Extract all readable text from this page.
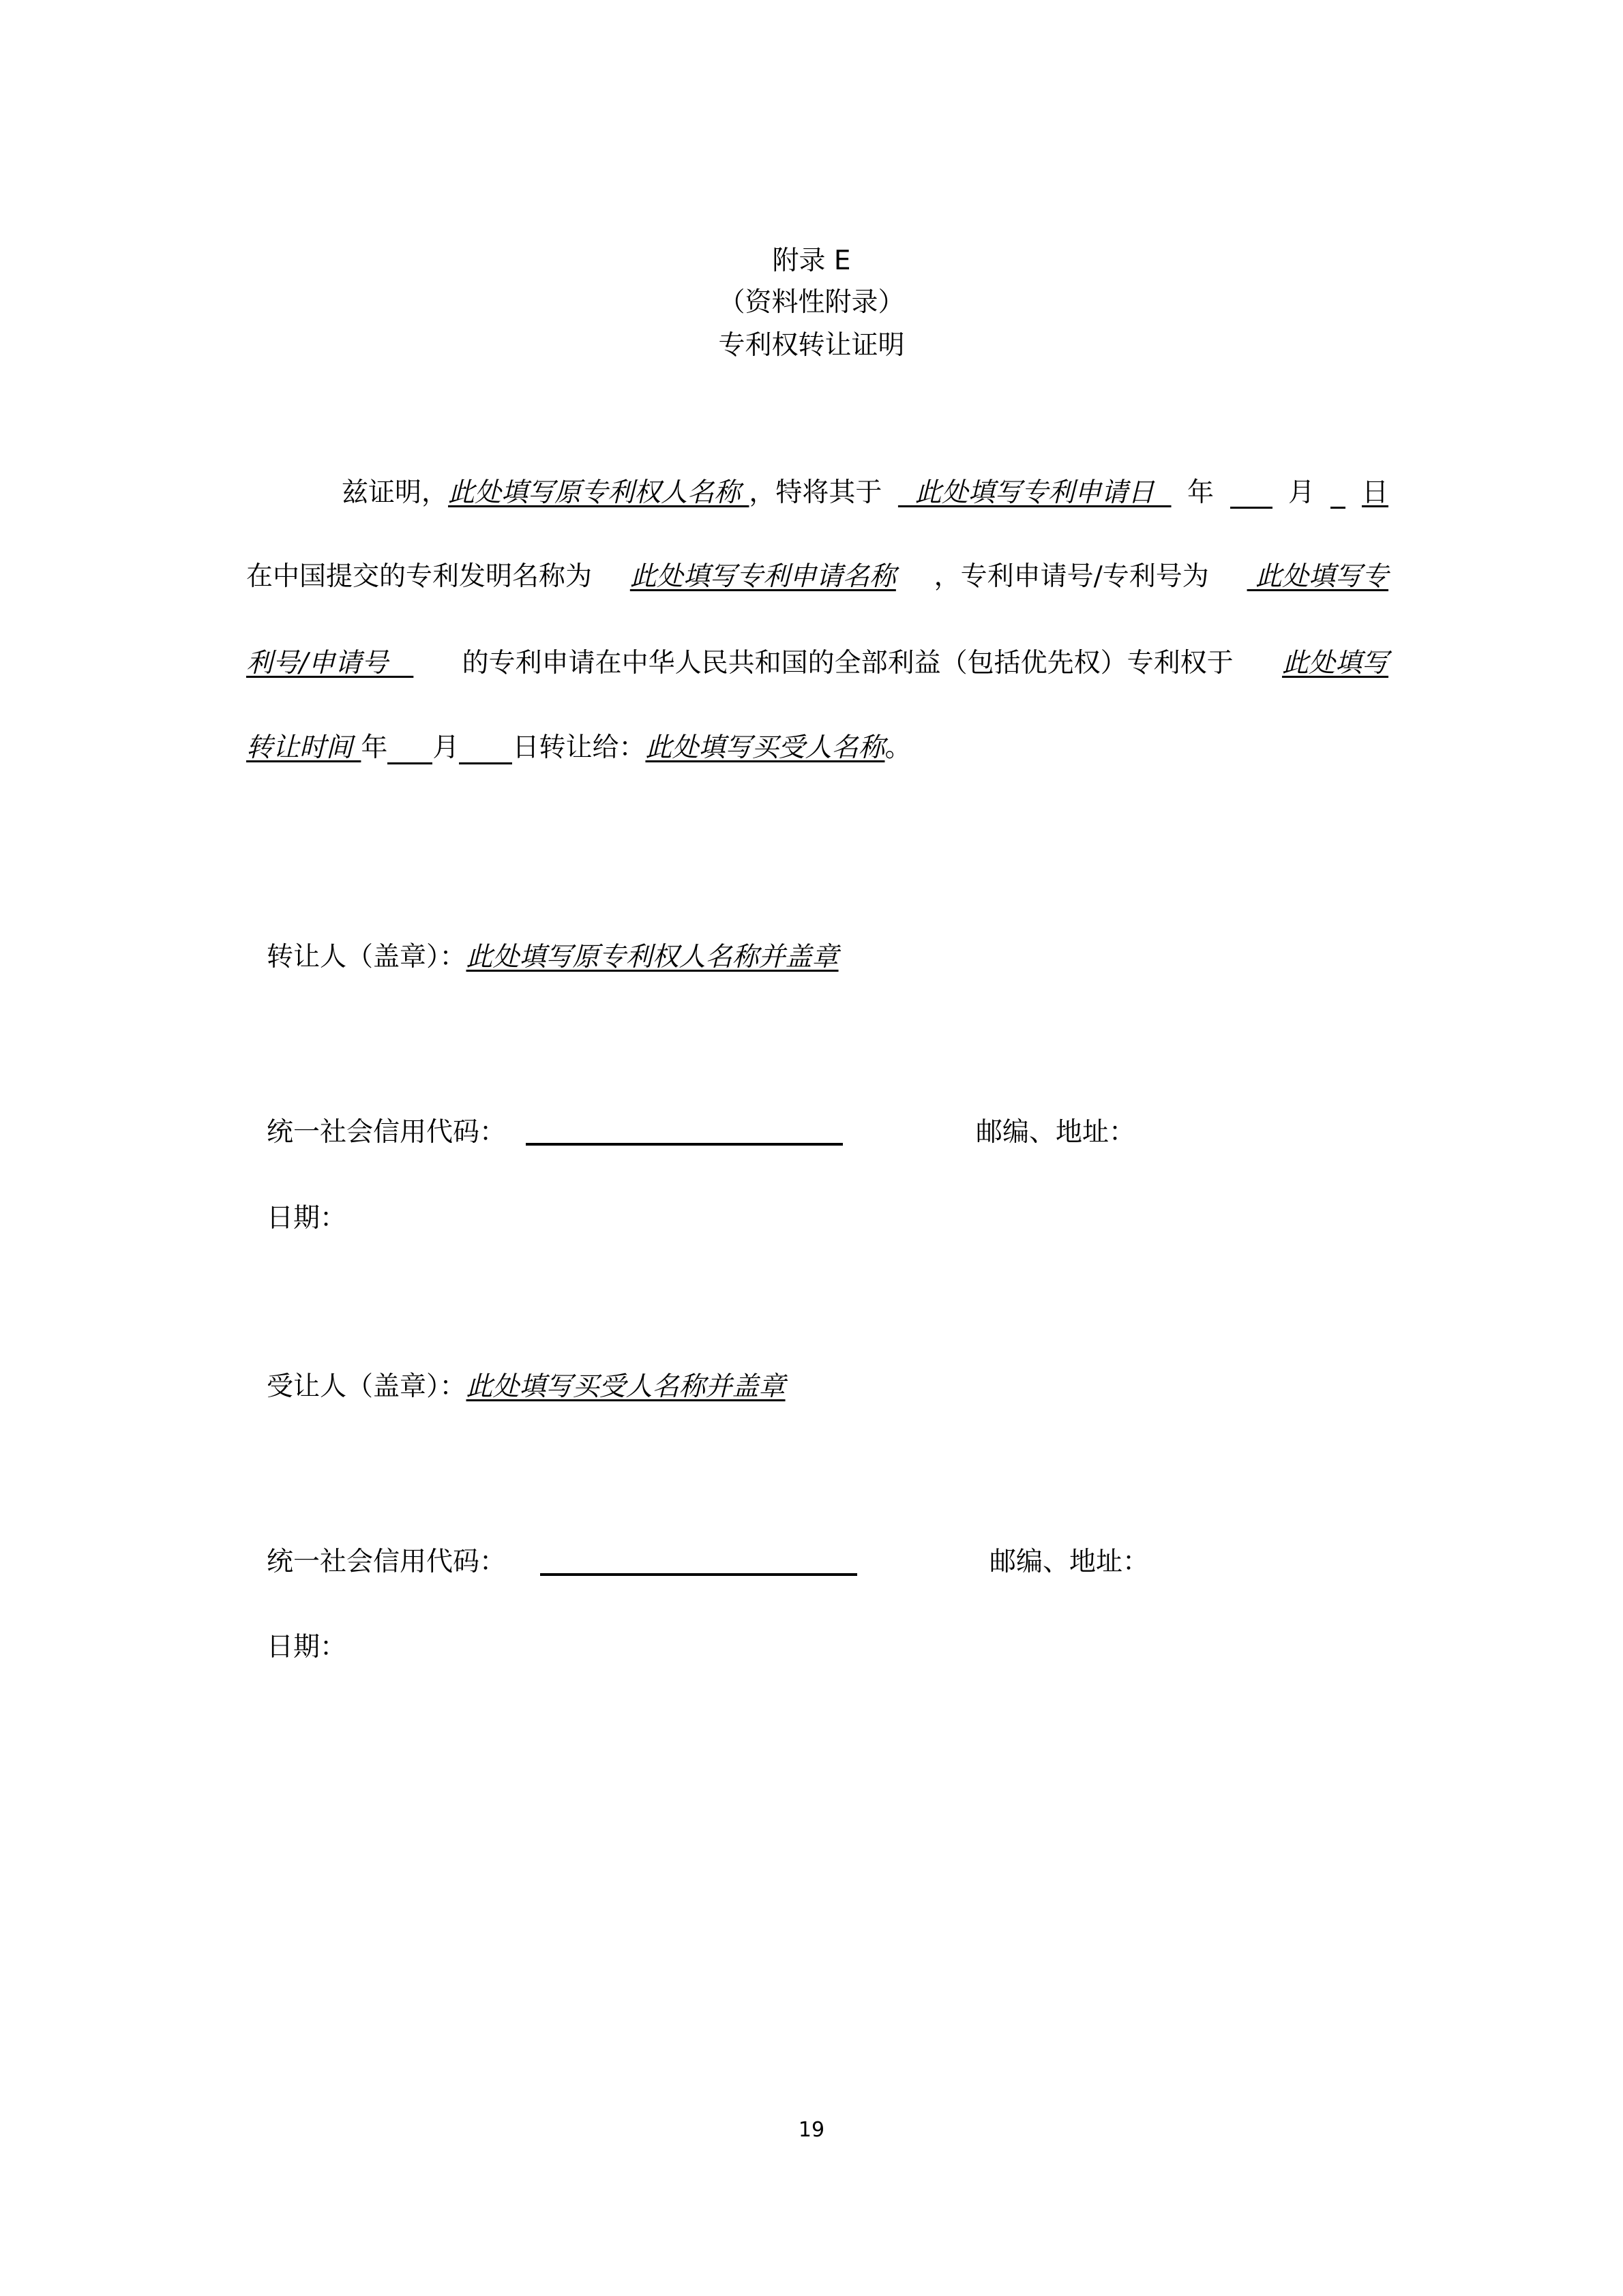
附录 E
（资料性附录）
专利权转让证明
兹证明，此处填写原专利权人名称 ，特将其于 此处填写专利申请日 年	月 日
在中国提交的专利发明名称为 此处填写专利申请名称 ，专利申请号/专利号为 此处填写专
利号/申请号 的专利申请在中华人民共和国的全部利益（包括优先权）专利权于 此处填写
转让时间 年 月 日转让给：此处填写买受人名称。
转让人（盖章）：此处填写原专利权人名称并盖章
统一社会信用代码：	邮编、地址：
日期：
受让人（盖章）：此处填写买受人名称并盖章
统一社会信用代码：	邮编、地址：
日期：
19
